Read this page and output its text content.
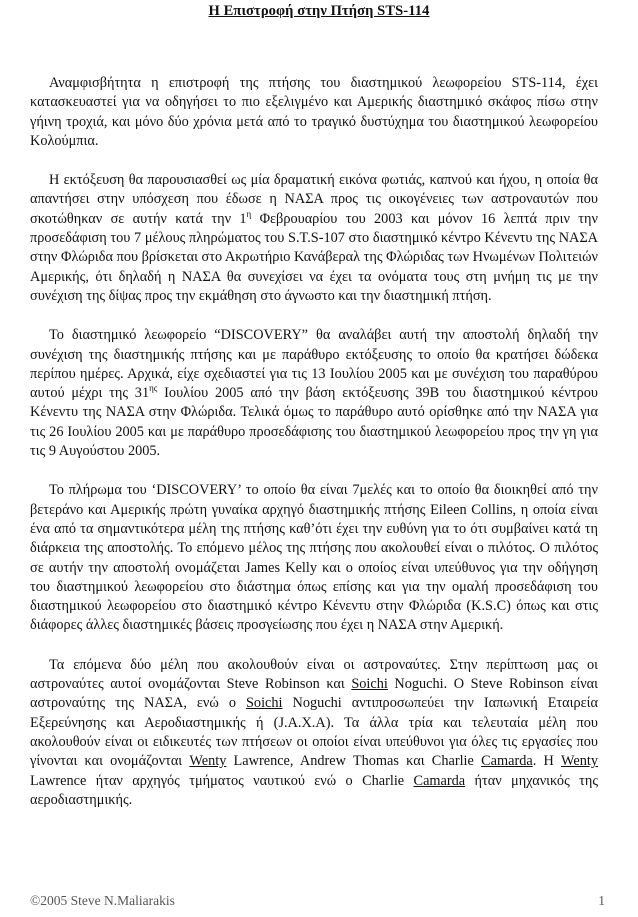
Η Επιστροφή στην Πτήση STS-114

Αναμφισβήτητα η επιστροφή της πτήσης του διαστημικού λεωφορείου STS-114, έχει κατασκευαστεί για να οδηγήσει το πιο εξελιγμένο και Αμερικής διαστημικό σκάφος πίσω στην γήινη τροχιά, και μόνο δύο χρόνια μετά από το τραγικό δυστύχημα του διαστημικού λεωφορείου Κολούμπια.

Η εκτόξευση θα παρουσιασθεί ως μία δραματική εικόνα φωτιάς, καπνού και ήχου, η οποία θα απαντήσει στην υπόσχεση που έδωσε η ΝΑΣΑ προς τις οικογένειες των αστροναυτών που σκοτώθηκαν σε αυτήν κατά την $1^\eta$ Φεβρουαρίου του 2003 και μόνον 16 λεπτά πριν την προσεδάφιση του 7 μέλους πληρώματος του S.T.S-107 στο διαστημικό κέντρο Κένεντυ της ΝΑΣΑ στην Φλώριδα που βρίσκεται στο Ακρωτήριο Κανάβεραλ της Φλώριδας των Ηνωμένων Πολιτειών Αμερικής, ότι δηλαδή η ΝΑΣΑ θα συνεχίσει να έχει τα ονόματα τους στη μνήμη τις με την συνέχιση της δίψας προς την εκμάθηση στο άγνωστο και την διαστημική πτήση.

Το διαστημικό λεωφορείο “DISCOVERY” θα αναλάβει αυτή την αποστολή δηλαδή την συνέχιση της διαστημικής πτήσης και με παράθυρο εκτόξευσης το οποίο θα κρατήσει δώδεκα περίπου ημέρες. Αρχικά, είχε σχεδιαστεί για τις 13 Ιουλίου 2005 και με συνέχιση του παραθύρου αυτού μέχρι της $31^{\eta\varsigma}$ Ιουλίου 2005 από την βάση εκτόξευσης 39B του διαστημικού κέντρου Κένεντυ της ΝΑΣΑ στην Φλώριδα. Τελικά όμως το παράθυρο αυτό ορίσθηκε από την ΝΑΣΑ για τις 26 Ιουλίου 2005 και με παράθυρο προσεδάφισης του διαστημικού λεωφορείου προς την γη για τις 9 Αυγούστου 2005.

Το πλήρωμα του ‘DISCOVERY’ το οποίο θα είναι 7μελές και το οποίο θα διοικηθεί από την βετεράνο και Αμερικής πρώτη γυναίκα αρχηγό διαστημικής πτήσης Eileen Collins, η οποία είναι ένα από τα σημαντικότερα μέλη της πτήσης καθ’ότι έχει την ευθύνη για το ότι συμβαίνει κατά τη διάρκεια της αποστολής. Το επόμενο μέλος της πτήσης που ακολουθεί είναι ο πιλότος. Ο πιλότος σε αυτήν την αποστολή ονομάζεται James Kelly και ο οποίος είναι υπεύθυνος για την οδήγηση του διαστημικού λεωφορείου στο διάστημα όπως επίσης και για την ομαλή προσεδάφιση του διαστημικού λεωφορείου στο διαστημικό κέντρο Κένεντυ στην Φλώριδα (K.S.C) όπως και στις διάφορες άλλες διαστημικές βάσεις προσγείωσης που έχει η ΝΑΣΑ στην Αμερική.

Τα επόμενα δύο μέλη που ακολουθούν είναι οι αστροναύτες. Στην περίπτωση μας οι αστροναύτες αυτοί ονομάζονται Steve Robinson και Soichi Noguchi. Ο Steve Robinson είναι αστροναύτης της ΝΑΣΑ, ενώ ο Soichi Noguchi αντιπροσωπεύει την Ιαπωνική Εταιρεία Εξερεύνησης και Αεροδιαστημικής ή (J.A.X.A). Τα άλλα τρία και τελευταία μέλη που ακολουθούν είναι οι ειδικευτές των πτήσεων οι οποίοι είναι υπεύθυνοι για όλες τις εργασίες που γίνονται και ονομάζονται Wenty Lawrence, Andrew Thomas και Charlie Camarda. Η Wenty Lawrence ήταν αρχηγός τμήματος ναυτικού ενώ ο Charlie Camarda ήταν μηχανικός της αεροδιαστημικής.

©2005 Steve N.Maliarakis	1
